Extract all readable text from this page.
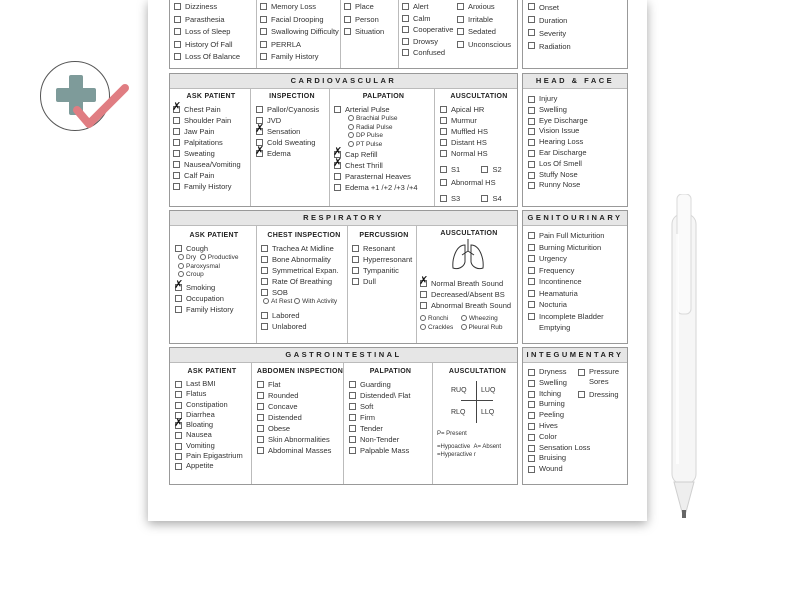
Dizziness
Parasthesia
Loss of Sleep
History Of Fall
Loss Of Balance
Memory Loss
Facial Drooping
Swallowing Difficulty
PERRLA
Family History
Place
Person
Situation
Alert
Calm
Cooperative
Drowsy
Confused
Anxious
Irritable
Sedated
Unconscious
Onset
Duration
Severity
Radiation
CARDIOVASCULAR
ASK PATIENT
✗ Chest Pain
Shoulder Pain
Jaw Pain
Palpitations
Sweating
Nausea/Vomiting
Calf Pain
Family History
INSPECTION
Pallor/Cyanosis
JVD
✗ Sensation
Cold Sweating
✗ Edema
PALPATION
Arterial Pulse
Brachial Pulse
Radial Pulse
DP Pulse
PT Pulse
✗ Cap Refill
✗ Chest Thrill
Parasternal Heaves
Edema +1 /+2 /+3 /+4
AUSCULTATION
Apical HR
Murmur
Muffled HS
Distant HS
Normal HS
S1	S2
Abnormal HS
S3	S4
HEAD & FACE
Injury
Swelling
Eye Discharge
Vision Issue
Hearing Loss
Ear Discharge
Los Of Smell
Stuffy Nose
Runny Nose
RESPIRATORY
ASK PATIENT
Cough
Dry Productive
Paroxysmal
Croup
✗ Smoking
Occupation
Family History
CHEST INSPECTION
Trachea At Midline
Bone Abnormality
Symmetrical Expan.
Rate Of Breathing
SOB
At Rest With Activity
Labored
Unlabored
PERCUSSION
Resonant
Hyperresonant
Tympanitic
Dull
AUSCULTATION
✗ Normal Breath Sound
Decreased/Absent BS
Abnormal Breath Sound
Ronchi	Wheezing
Crackles Pleural Rub
GENITOURINARY
Pain Full Micturition
Burning Micturition
Urgency
Frequency
Incontinence
Heamaturia
Nocturia
Incomplete Bladder
Emptying
GASTROINTESTINAL
ASK PATIENT
Last BMI
Flatus
Constipation
Diarrhea
✗ Bloating
Nausea
Vomiting
Pain Epigastrium
Appetite
ABDOMEN INSPECTION
Flat
Rounded
Concave
Distended
Obese
Skin Abnormalities
Abdominal Masses
PALPATION
Guarding
Distended\ Flat
Soft
Firm
Tender
Non-Tender
Palpable Mass
AUSCULTATION
RUQ LUQ
RLQ LLQ
P= Present
=Hypoactive A= Absent
=Hyperactive r
INTEGUMENTARY
Dryness
Swelling
Itching
Burning
Peeling
Hives
Color
Sensation Loss
Bruising
Wound
Pressure Sores
Dressing
